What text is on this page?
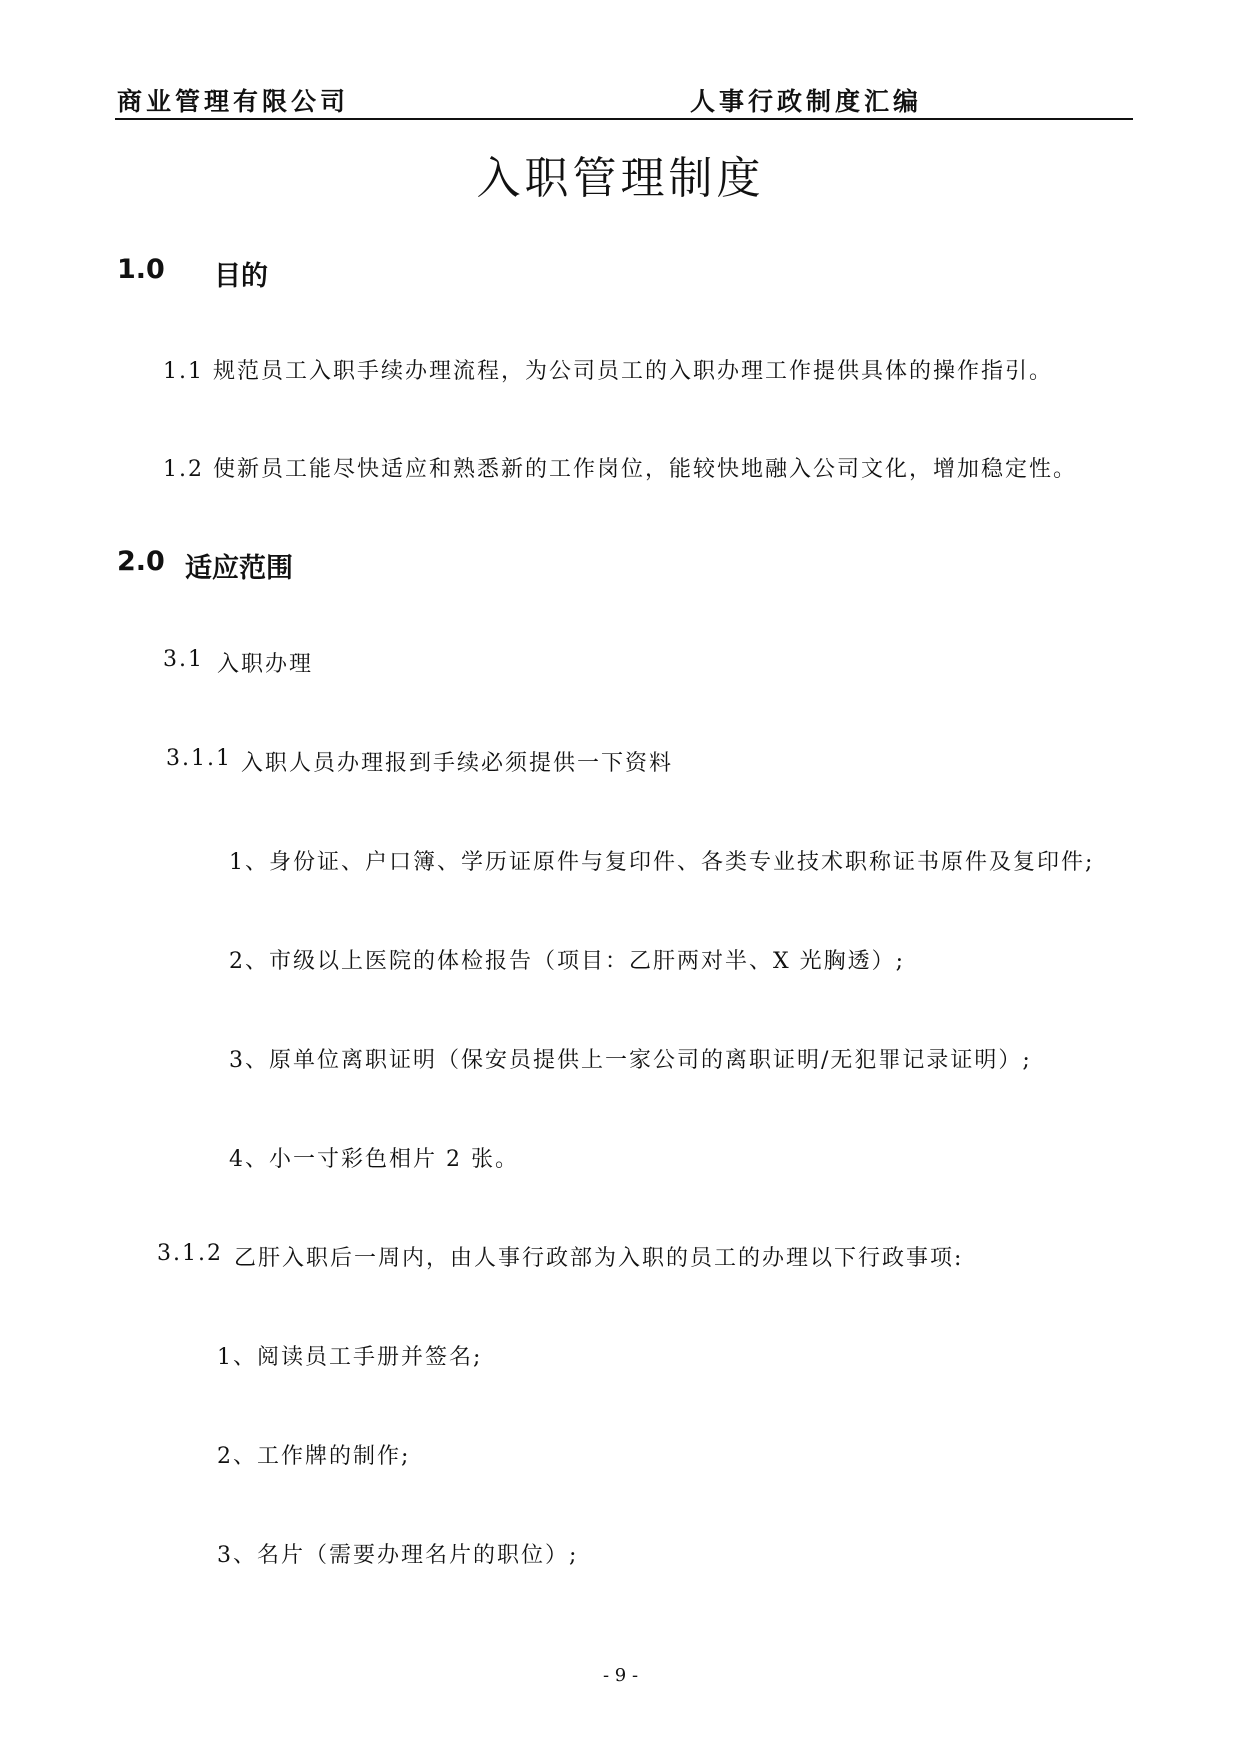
商业管理有限公司	人事行政制度汇编
入职管理制度
1.0 目的
1.1 规范员工入职手续办理流程，为公司员工的入职办理工作提供具体的操作指引。
1.2 使新员工能尽快适应和熟悉新的工作岗位，能较快地融入公司文化，增加稳定性。
2.0 适应范围
3.1 入职办理
3.1.1 入职人员办理报到手续必须提供一下资料
1、身份证、户口簿、学历证原件与复印件、各类专业技术职称证书原件及复印件;
2、市级以上医院的体检报告（项目：乙肝两对半、X 光胸透）;
3、原单位离职证明（保安员提供上一家公司的离职证明/无犯罪记录证明）;
4、小一寸彩色相片 2 张。
3.1.2 乙肝入职后一周内，由人事行政部为入职的员工的办理以下行政事项:
1、阅读员工手册并签名;
2、工作牌的制作;
3、名片（需要办理名片的职位）;
- 9 -
